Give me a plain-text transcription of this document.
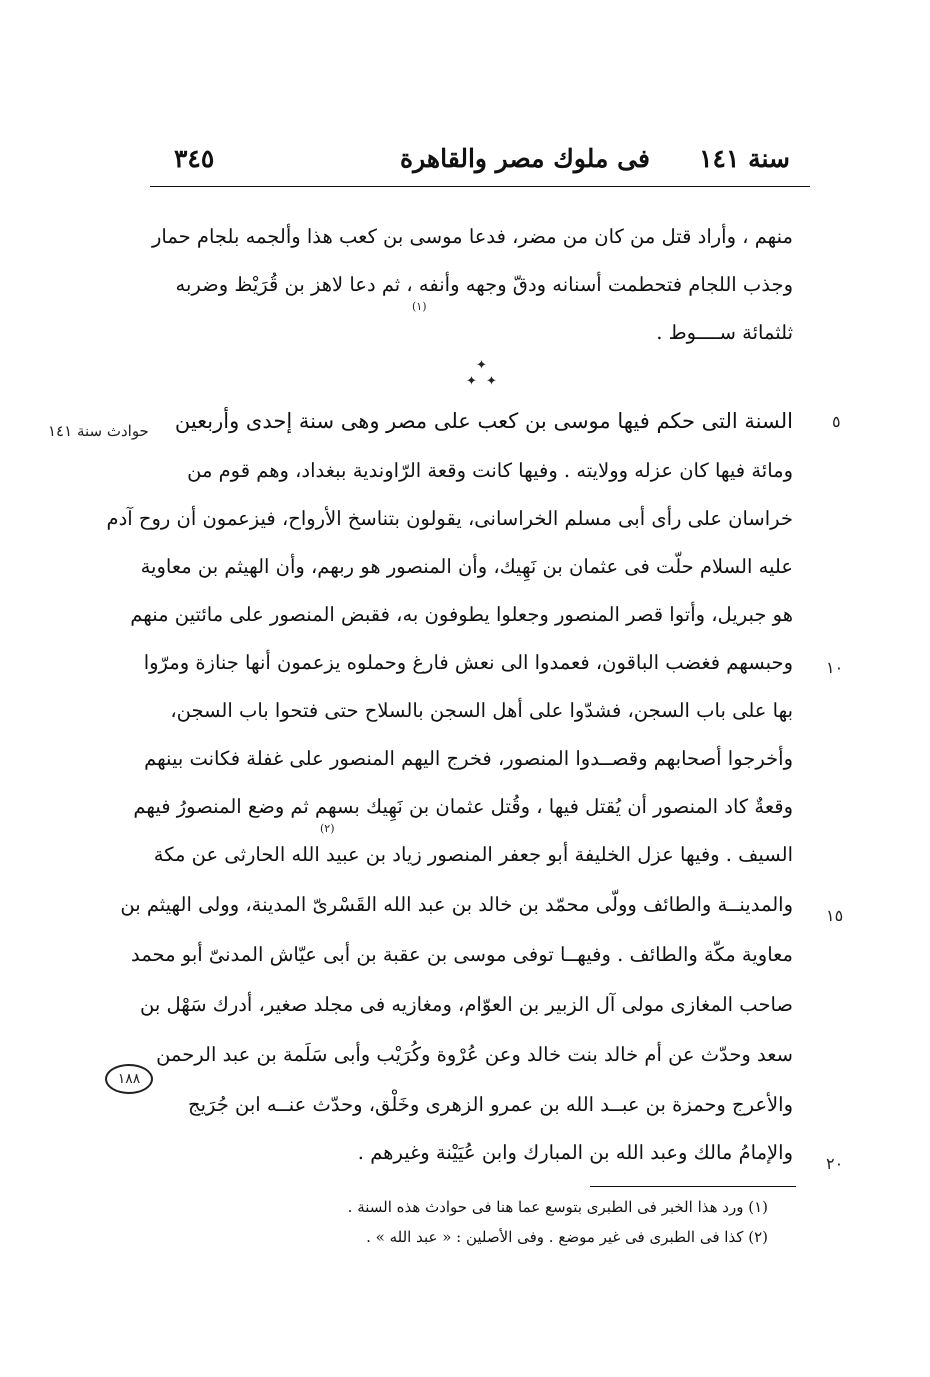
سنة ١٤١
فى ملوك مصر والقاهرة
٣٤٥
منهم ، وأراد قتل من كان من مضر، فدعا موسى بن كعب هذا وألجمه بلجام حمار
وجذب اللجام فتحطمت أسنانه ودقّ وجهه وأنفه ، ثم دعا لاهز بن قُرَيْظ وضربه
ثلثمائة ســــوط .
السنة التى حكم فيها موسى بن كعب على مصر وهى سنة إحدى وأربعين
ومائة فيها كان عزله وولايته . وفيها كانت وقعة الرّاوندية ببغداد، وهم قوم من
خراسان على رأى أبى مسلم الخراسانى، يقولون بتناسخ الأرواح، فيزعمون أن روح آدم
عليه السلام حلّت فى عثمان بن نَهِيك، وأن المنصور هو ربهم، وأن الهيثم بن معاوية
هو جبريل، وأتوا قصر المنصور وجعلوا يطوفون به، فقبض المنصور على مائتين منهم
وحبسهم فغضب الباقون، فعمدوا الى نعش فارغ وحملوه يزعمون أنها جنازة ومرّوا
بها على باب السجن، فشدّوا على أهل السجن بالسلاح حتى فتحوا باب السجن،
وأخرجوا أصحابهم وقصــدوا المنصور، فخرج اليهم المنصور على غفلة فكانت بينهم
وقعةٌ كاد المنصور أن يُقتل فيها ، وقُتل عثمان بن نَهِيك بسهم ثم وضع المنصورُ فيهم
السيف . وفيها عزل الخليفة أبو جعفر المنصور زياد بن عبيد الله الحارثى عن مكة
والمدينــة والطائف وولّى محمّد بن خالد بن عبد الله القَسْرىّ المدينة، وولى الهيثم بن
معاوية مكّة والطائف . وفيهــا توفى موسى بن عقبة بن أبى عيّاش المدنىّ أبو محمد
صاحب المغازى مولى آل الزبير بن العوّام، ومغازيه فى مجلد صغير، أدرك سَهْل بن
سعد وحدّث عن أم خالد بنت خالد وعن عُرْوة وكُرَيْب وأبى سَلَمة بن عبد الرحمن
والأعرج وحمزة بن عبــد الله بن عمرو الزهرى وخَلْق، وحدّث عنــه ابن جُرَيج
والإمامُ مالك وعبد الله بن المبارك وابن عُيَيْنة وغيرهم .
(١)
(٢)
✦
✦ ✦
٥
١٠
١٥
٢٠
حوادث سنة ١٤١
١٨٨
(١) ورد هذا الخبر فى الطبرى بتوسع عما هنا فى حوادث هذه السنة .
(٢) كذا فى الطبرى فى غير موضع . وفى الأصلين : « عبد الله » .
